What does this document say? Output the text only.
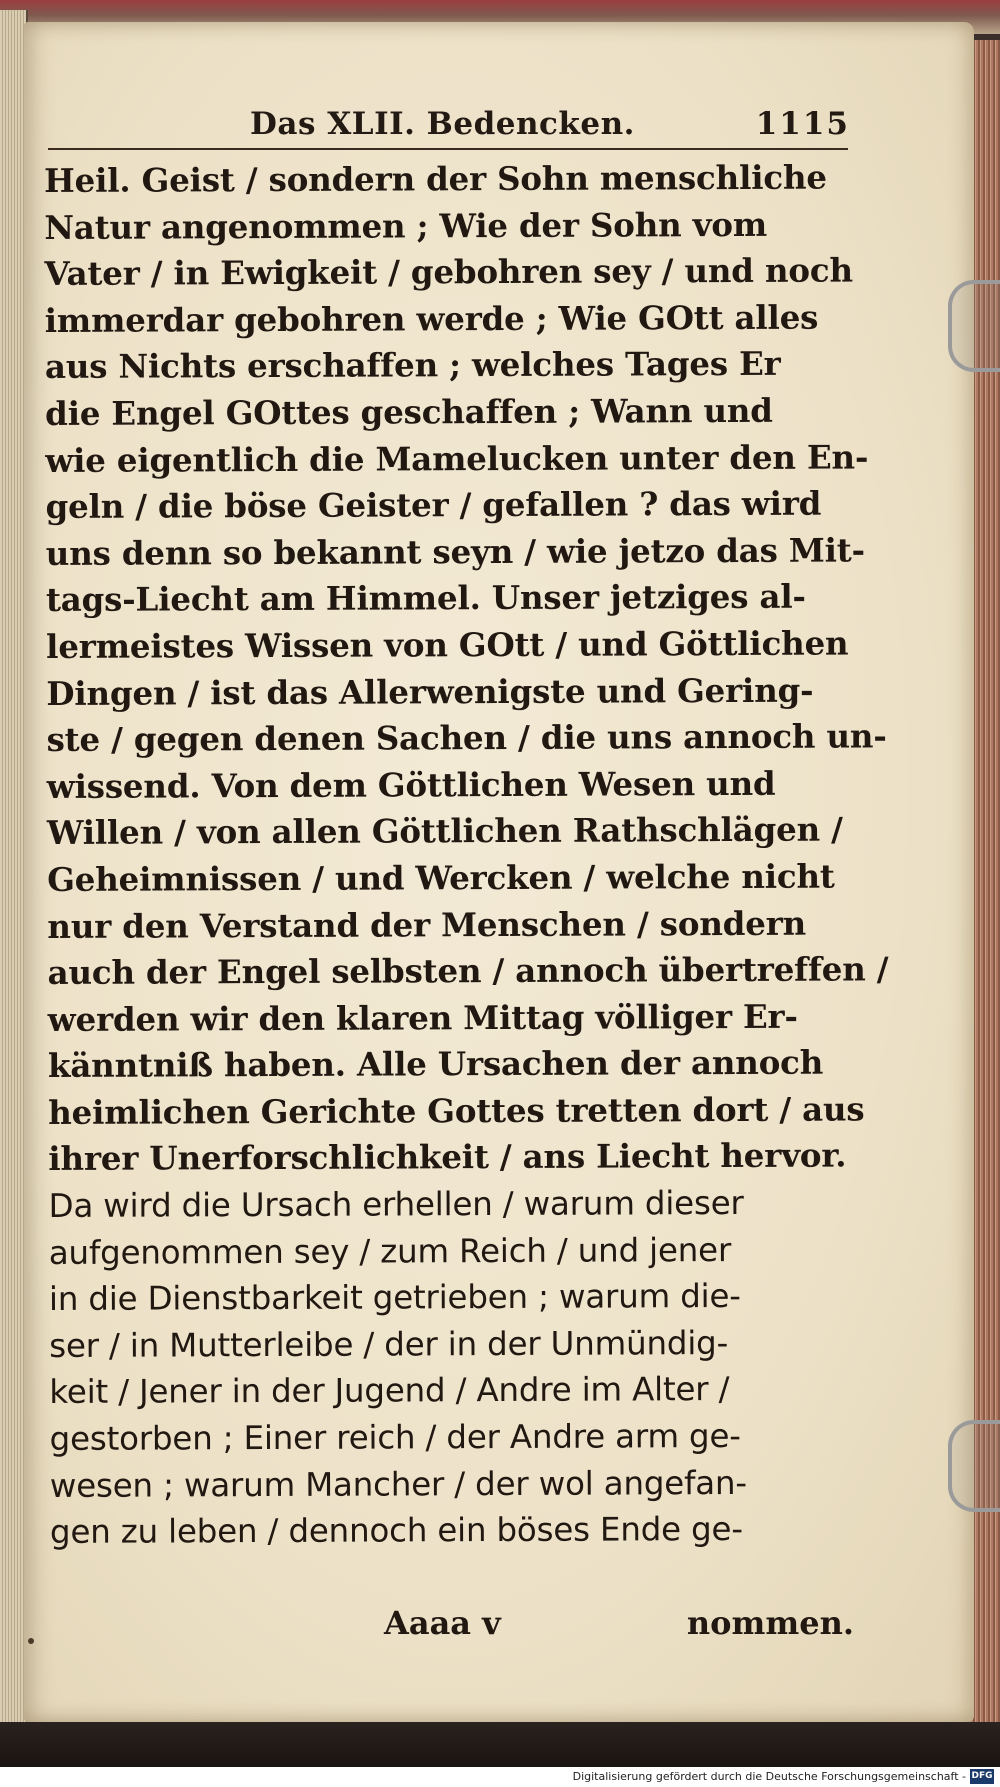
Das XLII. Bedencken.	1115
Heil. Geist / sondern der Sohn menschliche
Natur angenommen ; Wie der Sohn vom
Vater / in Ewigkeit / gebohren sey / und noch
immerdar gebohren werde ; Wie GOtt alles
aus Nichts erschaffen ; welches Tages Er
die Engel GOttes geschaffen ; Wann und
wie eigentlich die Mamelucken unter den En-
geln / die böse Geister / gefallen ? das wird
uns denn so bekannt seyn / wie jetzo das Mit-
tags-Liecht am Himmel. Unser jetziges al-
lermeistes Wissen von GOtt / und Göttlichen
Dingen / ist das Allerwenigste und Gering-
ste / gegen denen Sachen / die uns annoch un-
wissend. Von dem Göttlichen Wesen und
Willen / von allen Göttlichen Rathschlägen /
Geheimnissen / und Wercken / welche nicht
nur den Verstand der Menschen / sondern
auch der Engel selbsten / annoch übertreffen /
werden wir den klaren Mittag völliger Er-
känntniß haben. Alle Ursachen der annoch
heimlichen Gerichte Gottes tretten dort / aus
ihrer Unerforschlichkeit / ans Liecht hervor.
Da wird die Ursach erhellen / warum dieser
aufgenommen sey / zum Reich / und jener
in die Dienstbarkeit getrieben ; warum die-
ser / in Mutterleibe / der in der Unmündig-
keit / Jener in der Jugend / Andre im Alter /
gestorben ; Einer reich / der Andre arm ge-
wesen ; warum Mancher / der wol angefan-
gen zu leben / dennoch ein böses Ende ge-
Aaaa v	nommen.
Digitalisierung gefördert durch die Deutsche Forschungsgemeinschaft - DFG
